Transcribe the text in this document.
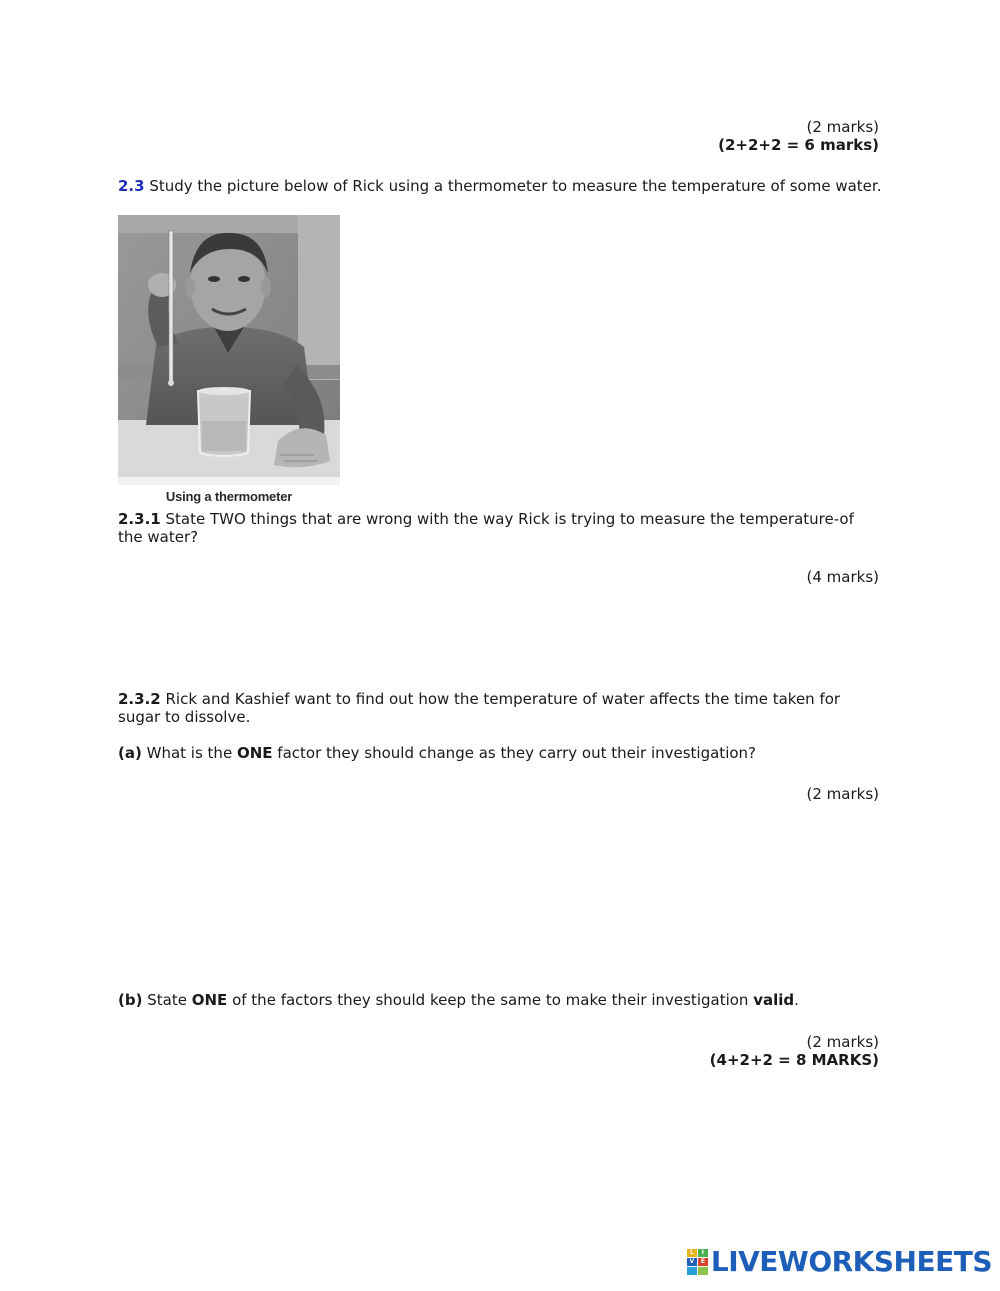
(2 marks)
(2+2+2 = 6 marks)
2.3 Study the picture below of Rick using a thermometer to measure the temperature of some water.
Using a thermometer
2.3.1 State TWO things that are wrong with the way Rick is trying to measure the temperature-of the water?
(4 marks)
2.3.2 Rick and Kashief want to find out how the temperature of water affects the time taken for sugar to dissolve.
(a) What is the ONE factor they should change as they carry out their investigation?
(2 marks)
(b) State ONE of the factors they should keep the same to make their investigation valid.
(2 marks)
(4+2+2 = 8 MARKS)
L	I
V	E LIVEWORKSHEETS
